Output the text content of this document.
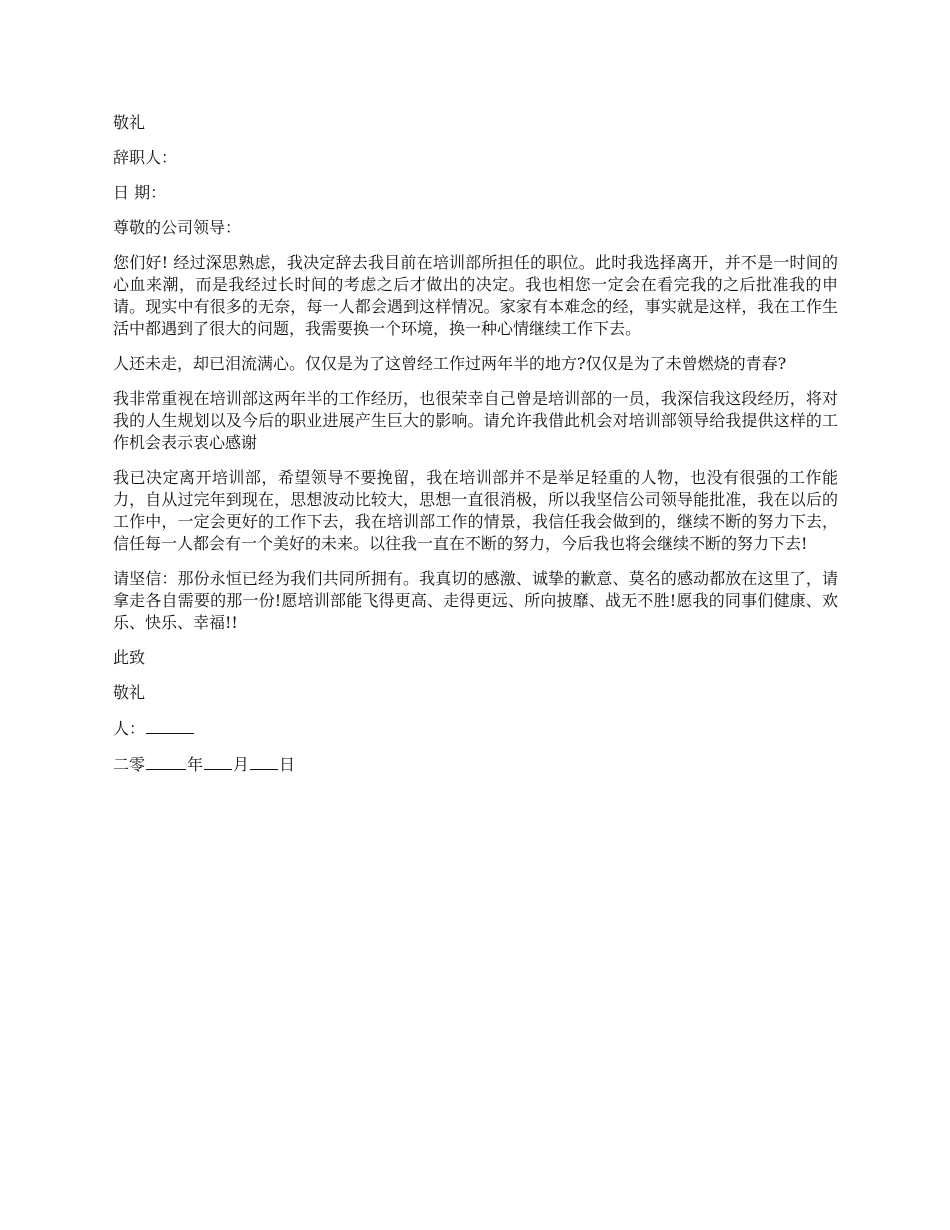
敬礼

辞职人：

日 期：

尊敬的公司领导：

您们好! 经过深思熟虑，我决定辞去我目前在培训部所担任的职位。此时我选择离开，并不是一时间的心血来潮，而是我经过长时间的考虑之后才做出的决定。我也相您一定会在看完我的之后批准我的申请。现实中有很多的无奈，每一人都会遇到这样情况。家家有本难念的经，事实就是这样，我在工作生活中都遇到了很大的问题，我需要换一个环境，换一种心情继续工作下去。

人还未走，却已泪流满心。仅仅是为了这曾经工作过两年半的地方?仅仅是为了未曾燃烧的青春?

我非常重视在培训部这两年半的工作经历，也很荣幸自己曾是培训部的一员，我深信我这段经历，将对我的人生规划以及今后的职业进展产生巨大的影响。请允许我借此机会对培训部领导给我提供这样的工作机会表示衷心感谢

我已决定离开培训部，希望领导不要挽留，我在培训部并不是举足轻重的人物，也没有很强的工作能力，自从过完年到现在，思想波动比较大，思想一直很消极，所以我坚信公司领导能批准，我在以后的工作中，一定会更好的工作下去，我在培训部工作的情景，我信任我会做到的，继续不断的努力下去，信任每一人都会有一个美好的未来。以往我一直在不断的努力，今后我也将会继续不断的努力下去!

请坚信：那份永恒已经为我们共同所拥有。我真切的感激、诚挚的歉意、莫名的感动都放在这里了，请拿走各自需要的那一份!愿培训部能飞得更高、走得更远、所向披靡、战无不胜!愿我的同事们健康、欢乐、快乐、幸福!!

此致

敬礼

人：

二零	年 月 日
